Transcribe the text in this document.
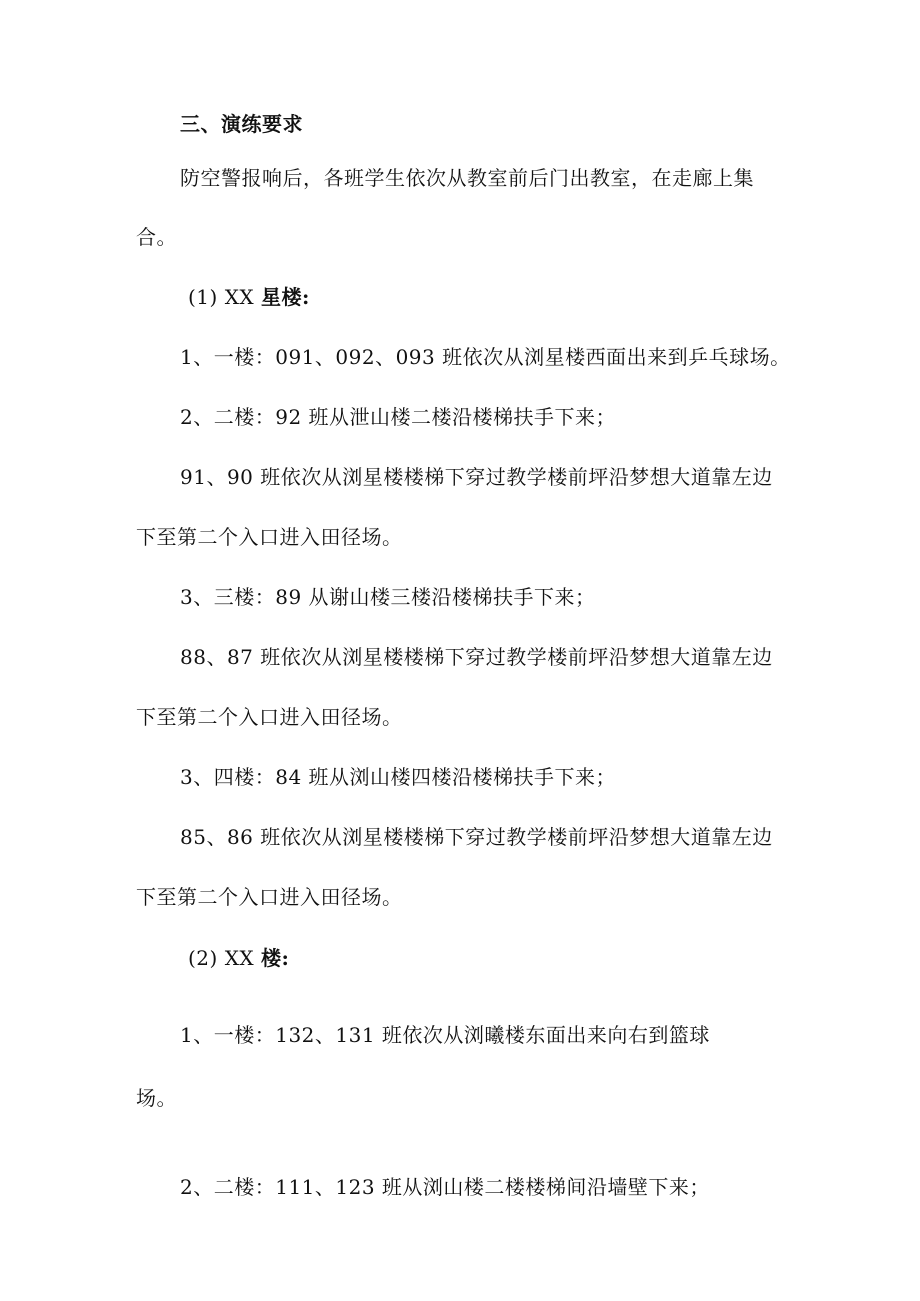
三、演练要求
防空警报响后，各班学生依次从教室前后门出教室，在走廊上集
合。
(1) XX 星楼:
1、一楼：091、092、093 班依次从浏星楼西面出来到乒乓球场。
2、二楼：92 班从泄山楼二楼沿楼梯扶手下来；
91、90 班依次从浏星楼楼梯下穿过教学楼前坪沿梦想大道靠左边
下至第二个入口进入田径场。
3、三楼：89 从谢山楼三楼沿楼梯扶手下来；
88、87 班依次从浏星楼楼梯下穿过教学楼前坪沿梦想大道靠左边
下至第二个入口进入田径场。
3、四楼：84 班从浏山楼四楼沿楼梯扶手下来；
85、86 班依次从浏星楼楼梯下穿过教学楼前坪沿梦想大道靠左边
下至第二个入口进入田径场。
(2) XX 楼:
1、一楼：132、131 班依次从浏曦楼东面出来向右到篮球
场。
2、二楼：111、123 班从浏山楼二楼楼梯间沿墙壁下来；
